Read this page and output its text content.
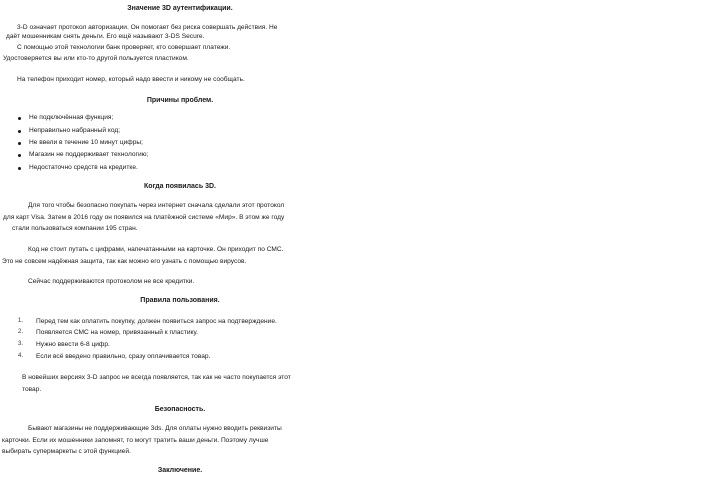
Значение 3D аутентификации.
3-D означает протокол авторизации. Он помогает без риска совершать действия. Не
даёт мошенникам снять деньги. Его ещё называют 3-DS Secure.
С помощью этой технологии банк проверяет, кто совершает платежи.
Удостоверяется вы или кто-то другой пользуется пластиком.
На телефон приходит номер, который надо ввести и никому не сообщать.
Причины проблем.
Не подключённая функция;
Неправильно набранный код;
Не ввели в течение 10 минут цифры;
Магазин не поддерживает технологию;
Недостаточно средств на кредитке.
Когда появилась 3D.
Для того чтобы безопасно покупать через интернет сначала сделали этот протокол
для карт Visa. Затем в 2016 году он появился на платёжной системе «Мир». В этом же году
стали пользоваться компании 195 стран.
Код не стоит путать с цифрами, напечатанными на карточке. Он приходит по СМС.
Это не совсем надёжная защита, так как можно его узнать с помощью вирусов.
Сейчас поддерживаются протоколом не все кредитки.
Правила пользования.
1. Перед тем как оплатить покупку, должен появиться запрос на подтверждение.
2. Появляется СМС на номер, привязанный к пластику.
3. Нужно ввести 6-8 цифр.
4. Если всё введено правильно, сразу оплачивается товар.
В новейших версиях 3-D запрос не всегда появляется, так как не часто покупается этот
товар.
Безопасность.
Бывают магазины не поддерживающие 3ds. Для оплаты нужно вводить реквизиты
карточки. Если их мошенники запомнят, то могут тратить ваши деньги. Поэтому лучше
выбирать супермаркеты с этой функцией.
Заключение.
